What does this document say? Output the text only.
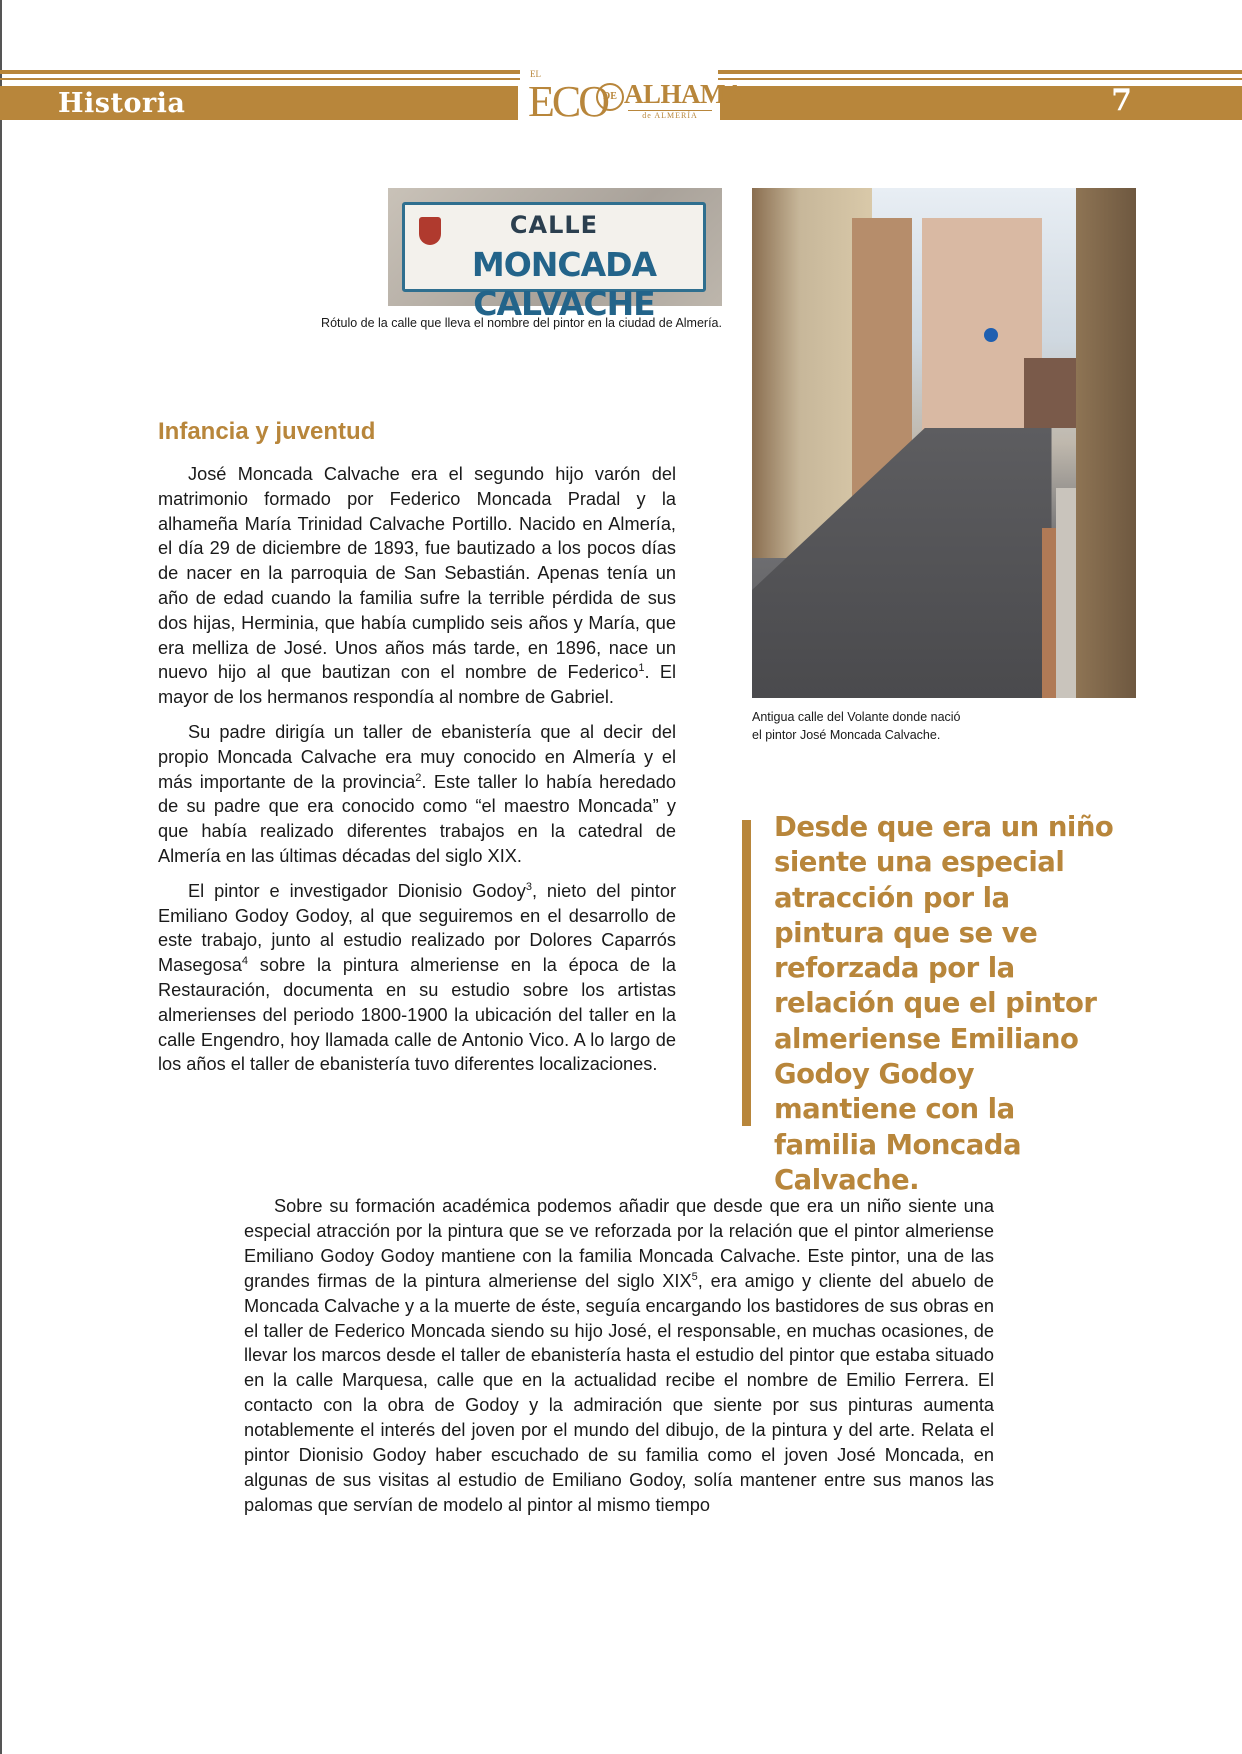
Historia	7
EL
ECO
DE ALHAMA
de ALMERÍA
CALLE
MONCADA CALVACHE
Rótulo de la calle que lleva el nombre del pintor en la ciudad de Almería.
Antigua calle del Volante donde nació
el pintor José Moncada Calvache.
Infancia y juventud

José Moncada Calvache era el segundo hijo varón del matrimonio formado por Federico Moncada Pradal y la alhameña María Trinidad Calvache Portillo. Nacido en Almería, el día 29 de diciembre de 1893, fue bautizado a los pocos días de nacer en la parroquia de San Sebastián. Apenas tenía un año de edad cuando la familia sufre la terrible pérdida de sus dos hijas, Herminia, que había cumplido seis años y María, que era melliza de José. Unos años más tarde, en 1896, nace un nuevo hijo al que bautizan con el nombre de Federico$^1$. El mayor de los hermanos respondía al nombre de Gabriel.

Su padre dirigía un taller de ebanistería que al decir del propio Moncada Calvache era muy conocido en Almería y el más importante de la provincia$^2$. Este taller lo había heredado de su padre que era conocido como “el maestro Moncada” y que había realizado diferentes trabajos en la catedral de Almería en las últimas décadas del siglo XIX.

El pintor e investigador Dionisio Godoy$^3$, nieto del pintor Emiliano Godoy Godoy, al que seguiremos en el desarrollo de este trabajo, junto al estudio realizado por Dolores Caparrós Masegosa$^4$ sobre la pintura almeriense en la época de la Restauración, documenta en su estudio sobre los artistas almerienses del periodo 1800-1900 la ubicación del taller en la calle Engendro, hoy llamada calle de Antonio Vico. A lo largo de los años el taller de ebanistería tuvo diferentes localizaciones.

Desde que era un niño siente una especial atracción por la pintura que se ve reforzada por la relación que el pintor almeriense Emiliano Godoy Godoy mantiene con la familia Moncada Calvache.

Sobre su formación académica podemos añadir que desde que era un niño siente una especial atracción por la pintura que se ve reforzada por la relación que el pintor almeriense Emiliano Godoy Godoy mantiene con la familia Moncada Calvache. Este pintor, una de las grandes firmas de la pintura almeriense del siglo XIX$^5$, era amigo y cliente del abuelo de Moncada Calvache y a la muerte de éste, seguía encargando los bastidores de sus obras en el taller de Federico Moncada siendo su hijo José, el responsable, en muchas ocasiones, de llevar los marcos desde el taller de ebanistería hasta el estudio del pintor que estaba situado en la calle Marquesa, calle que en la actualidad recibe el nombre de Emilio Ferrera. El contacto con la obra de Godoy y la admiración que siente por sus pinturas aumenta notablemente el interés del joven por el mundo del dibujo, de la pintura y del arte. Relata el pintor Dionisio Godoy haber escuchado de su familia como el joven José Moncada, en algunas de sus visitas al estudio de Emiliano Godoy, solía mantener entre sus manos las palomas que servían de modelo al pintor al mismo tiempo
